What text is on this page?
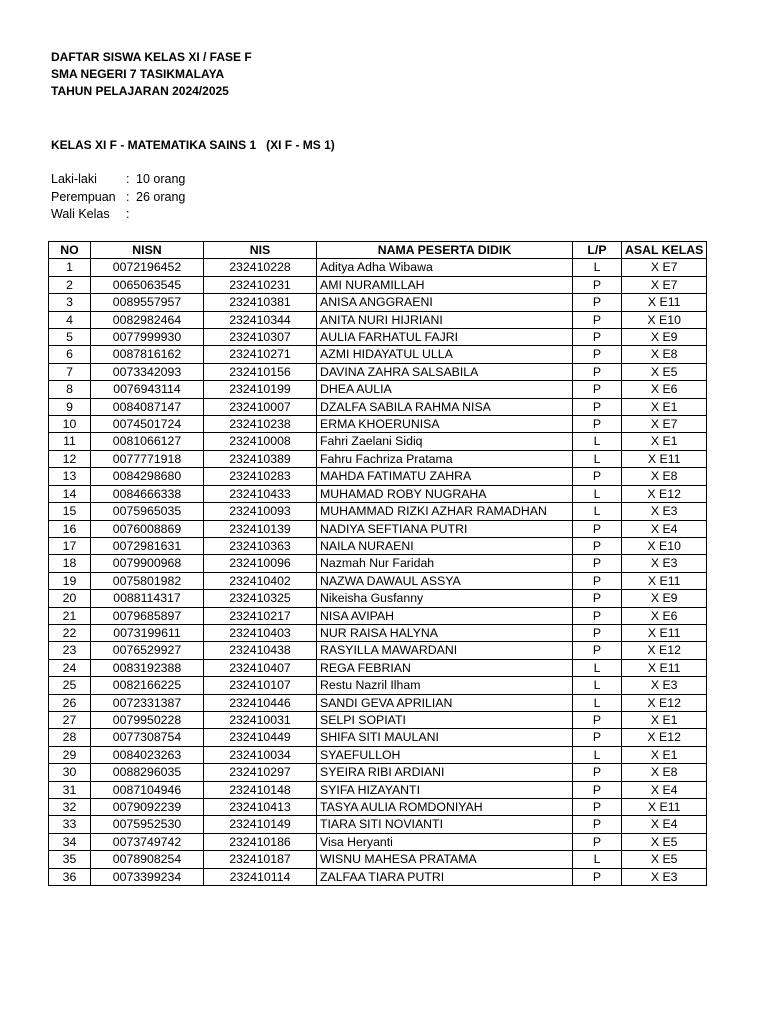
DAFTAR SISWA KELAS XI / FASE F
SMA NEGERI 7 TASIKMALAYA
TAHUN PELAJARAN 2024/2025
KELAS XI F - MATEMATIKA SAINS 1   (XI F - MS 1)
Laki-laki	: 10 orang
Perempuan : 26 orang
Wali Kelas	:
NO	NISN	NIS	NAMA PESERTA DIDIK	L/P	ASAL KELAS
1	0072196452	232410228	Aditya Adha Wibawa	L	X E7
2	0065063545	232410231	AMI NURAMILLAH	P	X E7
3	0089557957	232410381	ANISA ANGGRAENI	P	X E11
4	0082982464	232410344	ANITA NURI HIJRIANI	P	X E10
5	0077999930	232410307	AULIA FARHATUL FAJRI	P	X E9
6	0087816162	232410271	AZMI HIDAYATUL ULLA	P	X E8
7	0073342093	232410156	DAVINA ZAHRA SALSABILA	P	X E5
8	0076943114	232410199	DHEA AULIA	P	X E6
9	0084087147	232410007	DZALFA SABILA RAHMA NISA	P	X E1
10	0074501724	232410238	ERMA KHOERUNISA	P	X E7
11	0081066127	232410008	Fahri Zaelani Sidiq	L	X E1
12	0077771918	232410389	Fahru Fachriza Pratama	L	X E11
13	0084298680	232410283	MAHDA FATIMATU ZAHRA	P	X E8
14	0084666338	232410433	MUHAMAD ROBY NUGRAHA	L	X E12
15	0075965035	232410093	MUHAMMAD RIZKI AZHAR RAMADHAN	L	X E3
16	0076008869	232410139	NADIYA SEFTIANA PUTRI	P	X E4
17	0072981631	232410363	NAILA NURAENI	P	X E10
18	0079900968	232410096	Nazmah Nur Faridah	P	X E3
19	0075801982	232410402	NAZWA DAWAUL ASSYA	P	X E11
20	0088114317	232410325	Nikeisha Gusfanny	P	X E9
21	0079685897	232410217	NISA AVIPAH	P	X E6
22	0073199611	232410403	NUR RAISA HALYNA	P	X E11
23	0076529927	232410438	RASYILLA MAWARDANI	P	X E12
24	0083192388	232410407	REGA FEBRIAN	L	X E11
25	0082166225	232410107	Restu Nazril Ilham	L	X E3
26	0072331387	232410446	SANDI GEVA APRILIAN	L	X E12
27	0079950228	232410031	SELPI SOPIATI	P	X E1
28	0077308754	232410449	SHIFA SITI MAULANI	P	X E12
29	0084023263	232410034	SYAEFULLOH	L	X E1
30	0088296035	232410297	SYEIRA RIBI ARDIANI	P	X E8
31	0087104946	232410148	SYIFA HIZAYANTI	P	X E4
32	0079092239	232410413	TASYA AULIA ROMDONIYAH	P	X E11
33	0075952530	232410149	TIARA SITI NOVIANTI	P	X E4
34	0073749742	232410186	Visa Heryanti	P	X E5
35	0078908254	232410187	WISNU MAHESA PRATAMA	L	X E5
36	0073399234	232410114	ZALFAA TIARA PUTRI	P	X E3
